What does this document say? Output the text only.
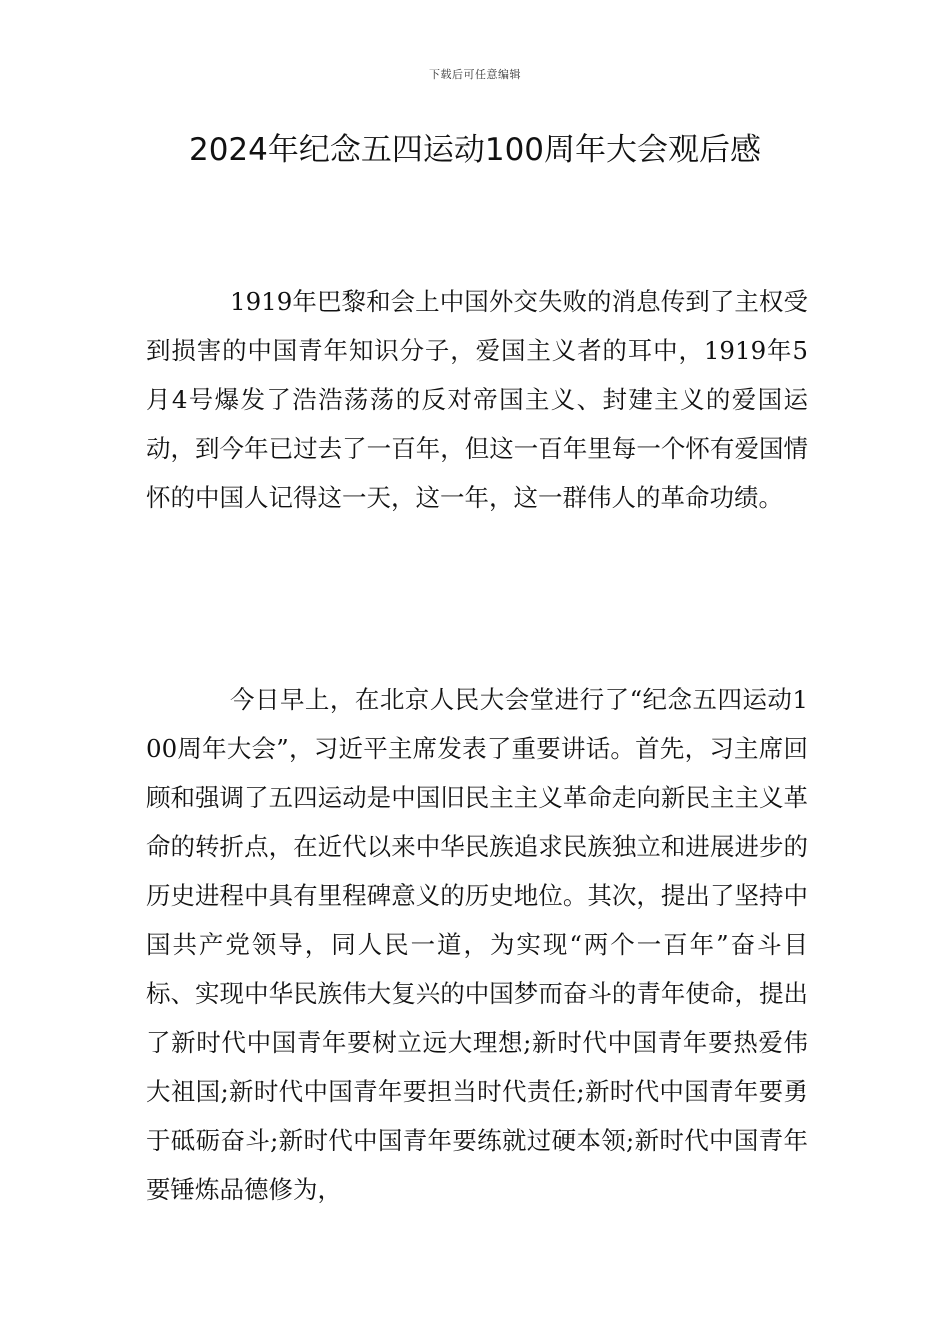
下载后可任意编辑
2024年纪念五四运动100周年大会观后感

1919年巴黎和会上中国外交失败的消息传到了主权受到损害的中国青年知识分子，爱国主义者的耳中，1919年5月4号爆发了浩浩荡荡的反对帝国主义、封建主义的爱国运动，到今年已过去了一百年，但这一百年里每一个怀有爱国情怀的中国人记得这一天，这一年，这一群伟人的革命功绩。

今日早上，在北京人民大会堂进行了“纪念五四运动100周年大会”，习近平主席发表了重要讲话。首先，习主席回顾和强调了五四运动是中国旧民主主义革命走向新民主主义革命的转折点，在近代以来中华民族追求民族独立和进展进步的历史进程中具有里程碑意义的历史地位。其次，提出了坚持中国共产党领导，同人民一道，为实现“两个一百年”奋斗目标、实现中华民族伟大复兴的中国梦而奋斗的青年使命，提出了新时代中国青年要树立远大理想;新时代中国青年要热爱伟大祖国;新时代中国青年要担当时代责任;新时代中国青年要勇于砥砺奋斗;新时代中国青年要练就过硬本领;新时代中国青年要锤炼品德修为，
